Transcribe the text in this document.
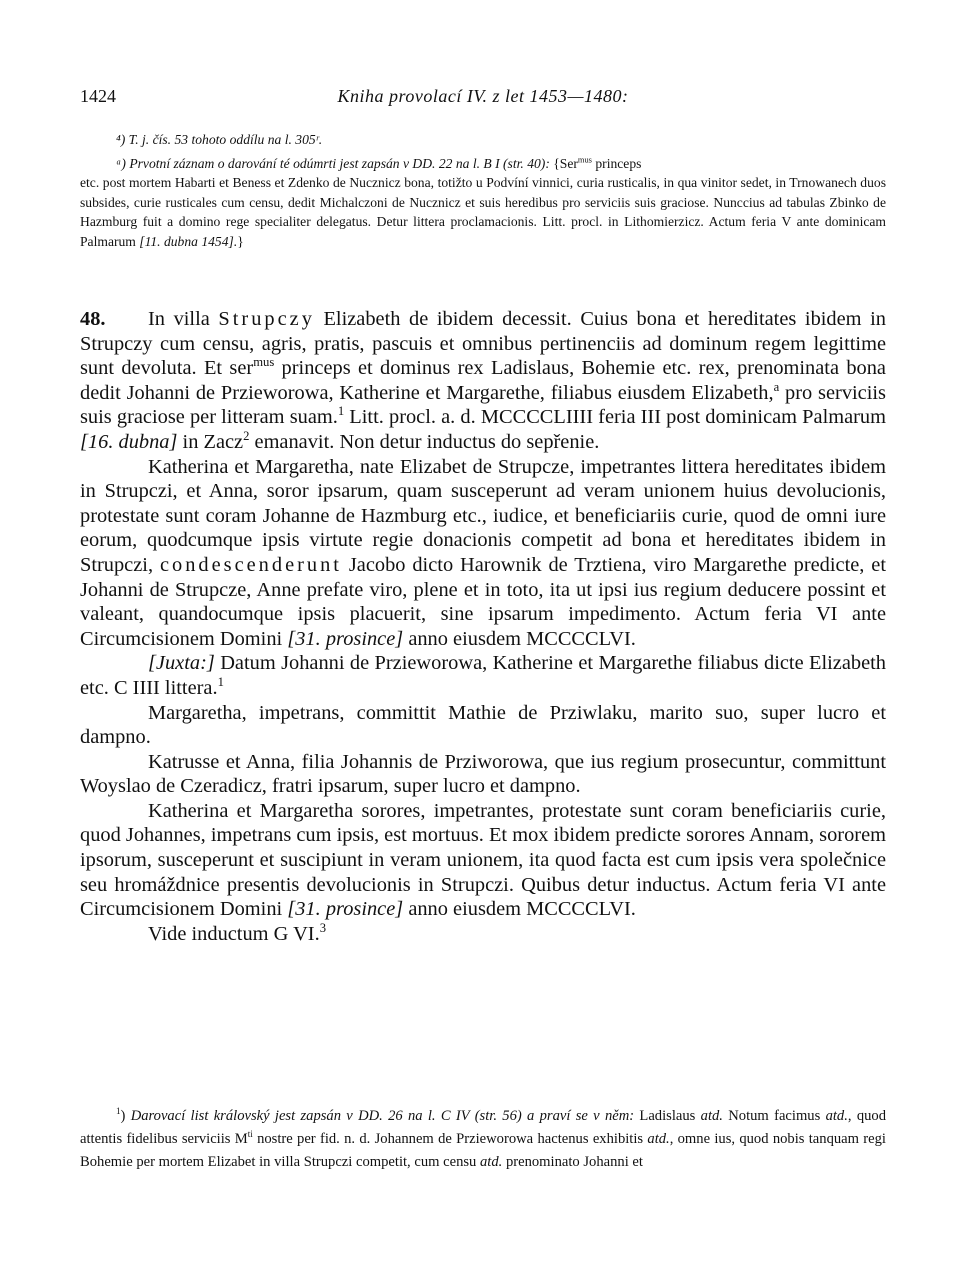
Kniha provolací IV. z let 1453—1480:
1424

⁴) T. j. čís. 53 tohoto oddílu na l. 305ʳ.

ᵃ) Prvotní záznam o darování té odúmrti jest zapsán v DD. 22 na l. B I (str. 40): {Ser$^{mus}$ princeps

etc. post mortem Habarti et Beness et Zdenko de Nucznicz bona, totižto u Podvíní vinnici, curia rusticalis, in qua vinitor sedet, in Trnowanech duos subsides, curie rusticales cum censu, dedit Michalczoni de Nucznicz et suis heredibus pro serviciis suis graciose. Nunccius ad tabulas Zbinko de Hazmburg fuit a domino rege specialiter delegatus. Detur littera proclamacionis. Litt. procl. in Lithomierzicz. Actum feria V ante dominicam Palmarum [11. dubna 1454].}

48. In villa Strupczy Elizabeth de ibidem decessit. Cuius bona et hereditates ibidem in Strupczy cum censu, agris, pratis, pascuis et omnibus pertinenciis ad dominum regem legittime sunt devoluta. Et ser$^{mus}$ princeps et dominus rex Ladislaus, Bohemie etc. rex, prenominata bona dedit Johanni de Przieworowa, Katherine et Margarethe, filiabus eiusdem Elizabeth,$^a$ pro serviciis suis graciose per litteram suam.$^1$ Litt. procl. a. d. MCCCCLIIII feria III post dominicam Palmarum [16. dubna] in Zacz$^2$ emanavit. Non detur inductus do sepřenie.

Katherina et Margaretha, nate Elizabet de Strupcze, impetrantes littera hereditates ibidem in Strupczi, et Anna, soror ipsarum, quam susceperunt ad veram unionem huius devolucionis, protestate sunt coram Johanne de Hazmburg etc., iudice, et beneficiariis curie, quod de omni iure eorum, quodcumque ipsis virtute regie donacionis competit ad bona et hereditates ibidem in Strupczi, condescenderunt Jacobo dicto Harownik de Trztiena, viro Margarethe predicte, et Johanni de Strupcze, Anne prefate viro, plene et in toto, ita ut ipsi ius regium deducere possint et valeant, quandocumque ipsis placuerit, sine ipsarum impedimento. Actum feria VI ante Circumcisionem Domini [31. prosince] anno eiusdem MCCCCLVI.

[Juxta:] Datum Johanni de Przieworowa, Katherine et Margarethe filiabus dicte Elizabeth etc. C IIII littera.$^1$

Margaretha, impetrans, committit Mathie de Prziwlaku, marito suo, super lucro et dampno.

Katrusse et Anna, filia Johannis de Prziworowa, que ius regium prosecuntur, committunt Woyslao de Czeradicz, fratri ipsarum, super lucro et dampno.

Katherina et Margaretha sorores, impetrantes, protestate sunt coram beneficiariis curie, quod Johannes, impetrans cum ipsis, est mortuus. Et mox ibidem predicte sorores Annam, sororem ipsorum, susceperunt et suscipiunt in veram unionem, ita quod facta est cum ipsis vera společnice seu hromáždnice presentis devolucionis in Strupczi. Quibus detur inductus. Actum feria VI ante Circumcisionem Domini [31. prosince] anno eiusdem MCCCCLVI.

Vide inductum G VI.$^3$

$^1$) Darovací list královský jest zapsán v DD. 26 na l. C IV (str. 56) a praví se v něm: Ladislaus atd. Notum facimus atd., quod attentis fidelibus serviciis $M^{ti}$ nostre per fid. n. d. Johannem de Przieworowa hactenus exhibitis atd., omne ius, quod nobis tanquam regi Bohemie per mortem Elizabet in villa Strupczi competit, cum censu atd. prenominato Johanni et
